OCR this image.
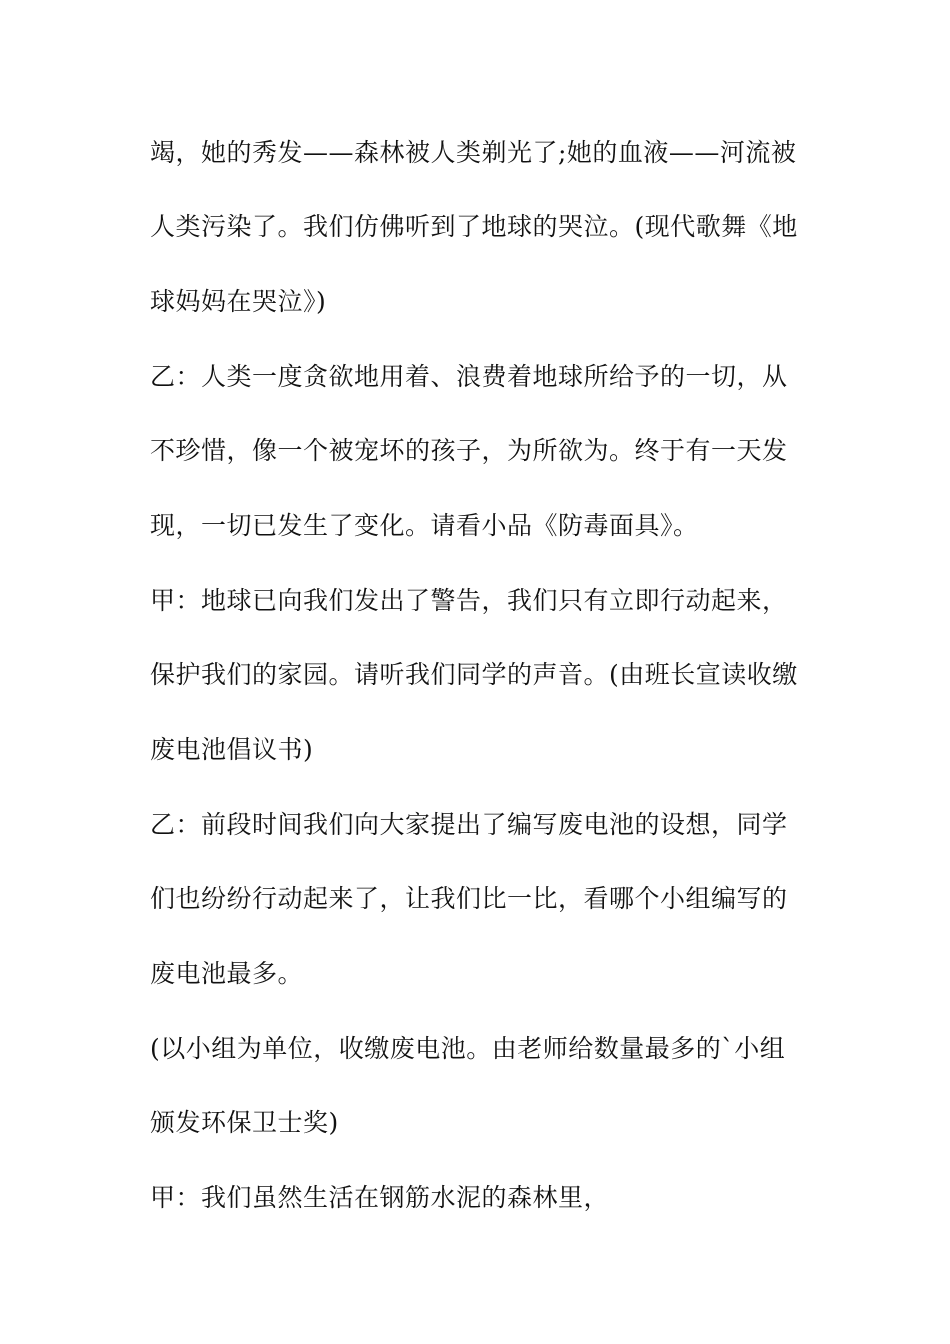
竭，她的秀发——森林被人类剃光了;她的血液——河流被
人类污染了。我们仿佛听到了地球的哭泣。(现代歌舞《地
球妈妈在哭泣》)
乙：人类一度贪欲地用着、浪费着地球所给予的一切，从
不珍惜，像一个被宠坏的孩子，为所欲为。终于有一天发
现，一切已发生了变化。请看小品《防毒面具》。
甲：地球已向我们发出了警告，我们只有立即行动起来，
保护我们的家园。请听我们同学的声音。(由班长宣读收缴
废电池倡议书)
乙：前段时间我们向大家提出了编写废电池的设想，同学
们也纷纷行动起来了，让我们比一比，看哪个小组编写的
废电池最多。
(以小组为单位，收缴废电池。由老师给数量最多的`小组
颁发环保卫士奖)
甲：我们虽然生活在钢筋水泥的森林里，
